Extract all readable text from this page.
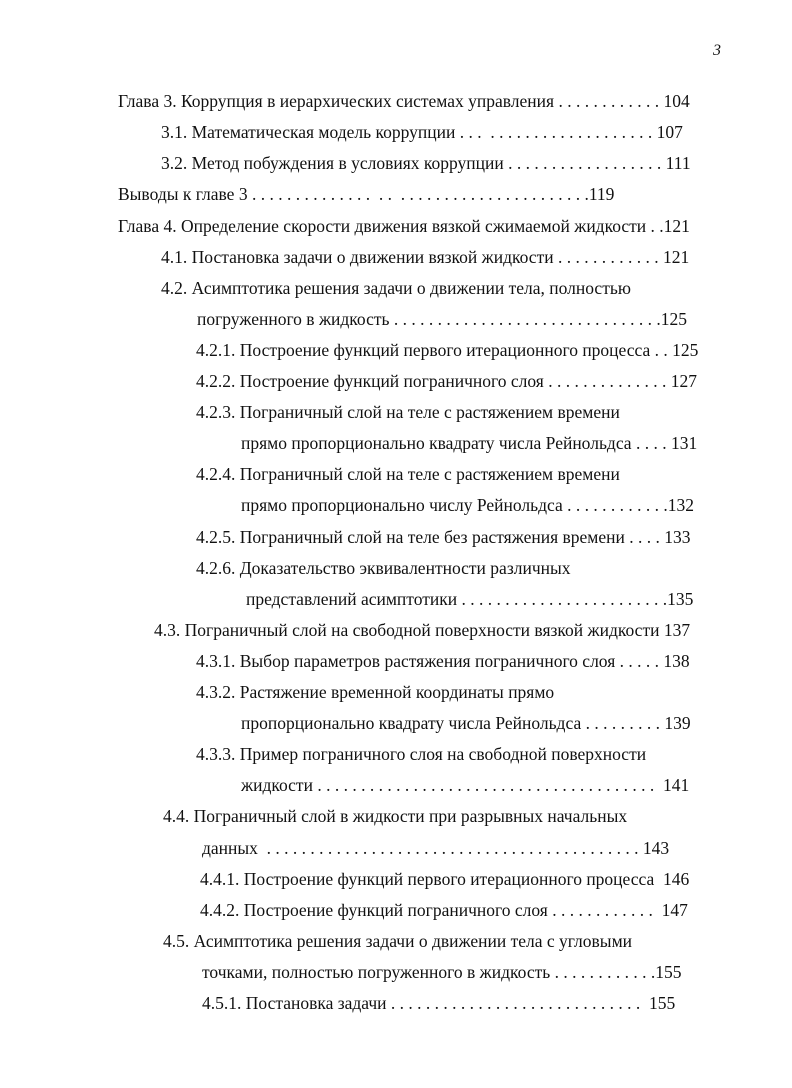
3
Глава 3. Коррупция в иерархических системах управления . . . . . . . . . . . . 104
3.1. Математическая модель коррупции . . .  . . . . . . . . . . . . . . . . . . . 107
3.2. Метод побуждения в условиях коррупции . . . . . . . . . . . . . . . . . . 111
Выводы к главе 3 . . . . . . . . . . . . . .  . .  . . . . . . . . . . . . . . . . . . . . . .119
Глава 4. Определение скорости движения вязкой сжимаемой жидкости . .121
4.1. Постановка задачи о движении вязкой жидкости . . . . . . . . . . . . 121
4.2. Асимптотика решения задачи о движении тела, полностью
погруженного в жидкость . . . . . . . . . . . . . . . . . . . . . . . . . . . . . . .125
4.2.1. Построение функций первого итерационного процесса . . 125
4.2.2. Построение функций пограничного слоя . . . . . . . . . . . . . . 127
4.2.3. Пограничный слой на теле с растяжением времени
прямо пропорционально квадрату числа Рейнольдса . . . . 131
4.2.4. Пограничный слой на теле с растяжением времени
прямо пропорционально числу Рейнольдса . . . . . . . . . . . .132
4.2.5. Пограничный слой на теле без растяжения времени . . . . 133
4.2.6. Доказательство эквивалентности различных
представлений асимптотики . . . . . . . . . . . . . . . . . . . . . . . .135
4.3. Пограничный слой на свободной поверхности вязкой жидкости 137
4.3.1. Выбор параметров растяжения пограничного слоя . . . . . 138
4.3.2. Растяжение временной координаты прямо
пропорционально квадрату числа Рейнольдса . . . . . . . . . 139
4.3.3. Пример пограничного слоя на свободной поверхности
жидкости . . . . . . . . . . . . . . . . . . . . . . . . . . . . . . . . . . . . . . .  141
4.4. Пограничный слой в жидкости при разрывных начальных
данных  . . . . . . . . . . . . . . . . . . . . . . . . . . . . . . . . . . . . . . . . . . . 143
4.4.1. Построение функций первого итерационного процесса  146
4.4.2. Построение функций пограничного слоя . . . . . . . . . . . .  147
4.5. Асимптотика решения задачи о движении тела с угловыми
точками, полностью погруженного в жидкость . . . . . . . . . . . .155
4.5.1. Постановка задачи . . . . . . . . . . . . . . . . . . . . . . . . . . . . .  155
